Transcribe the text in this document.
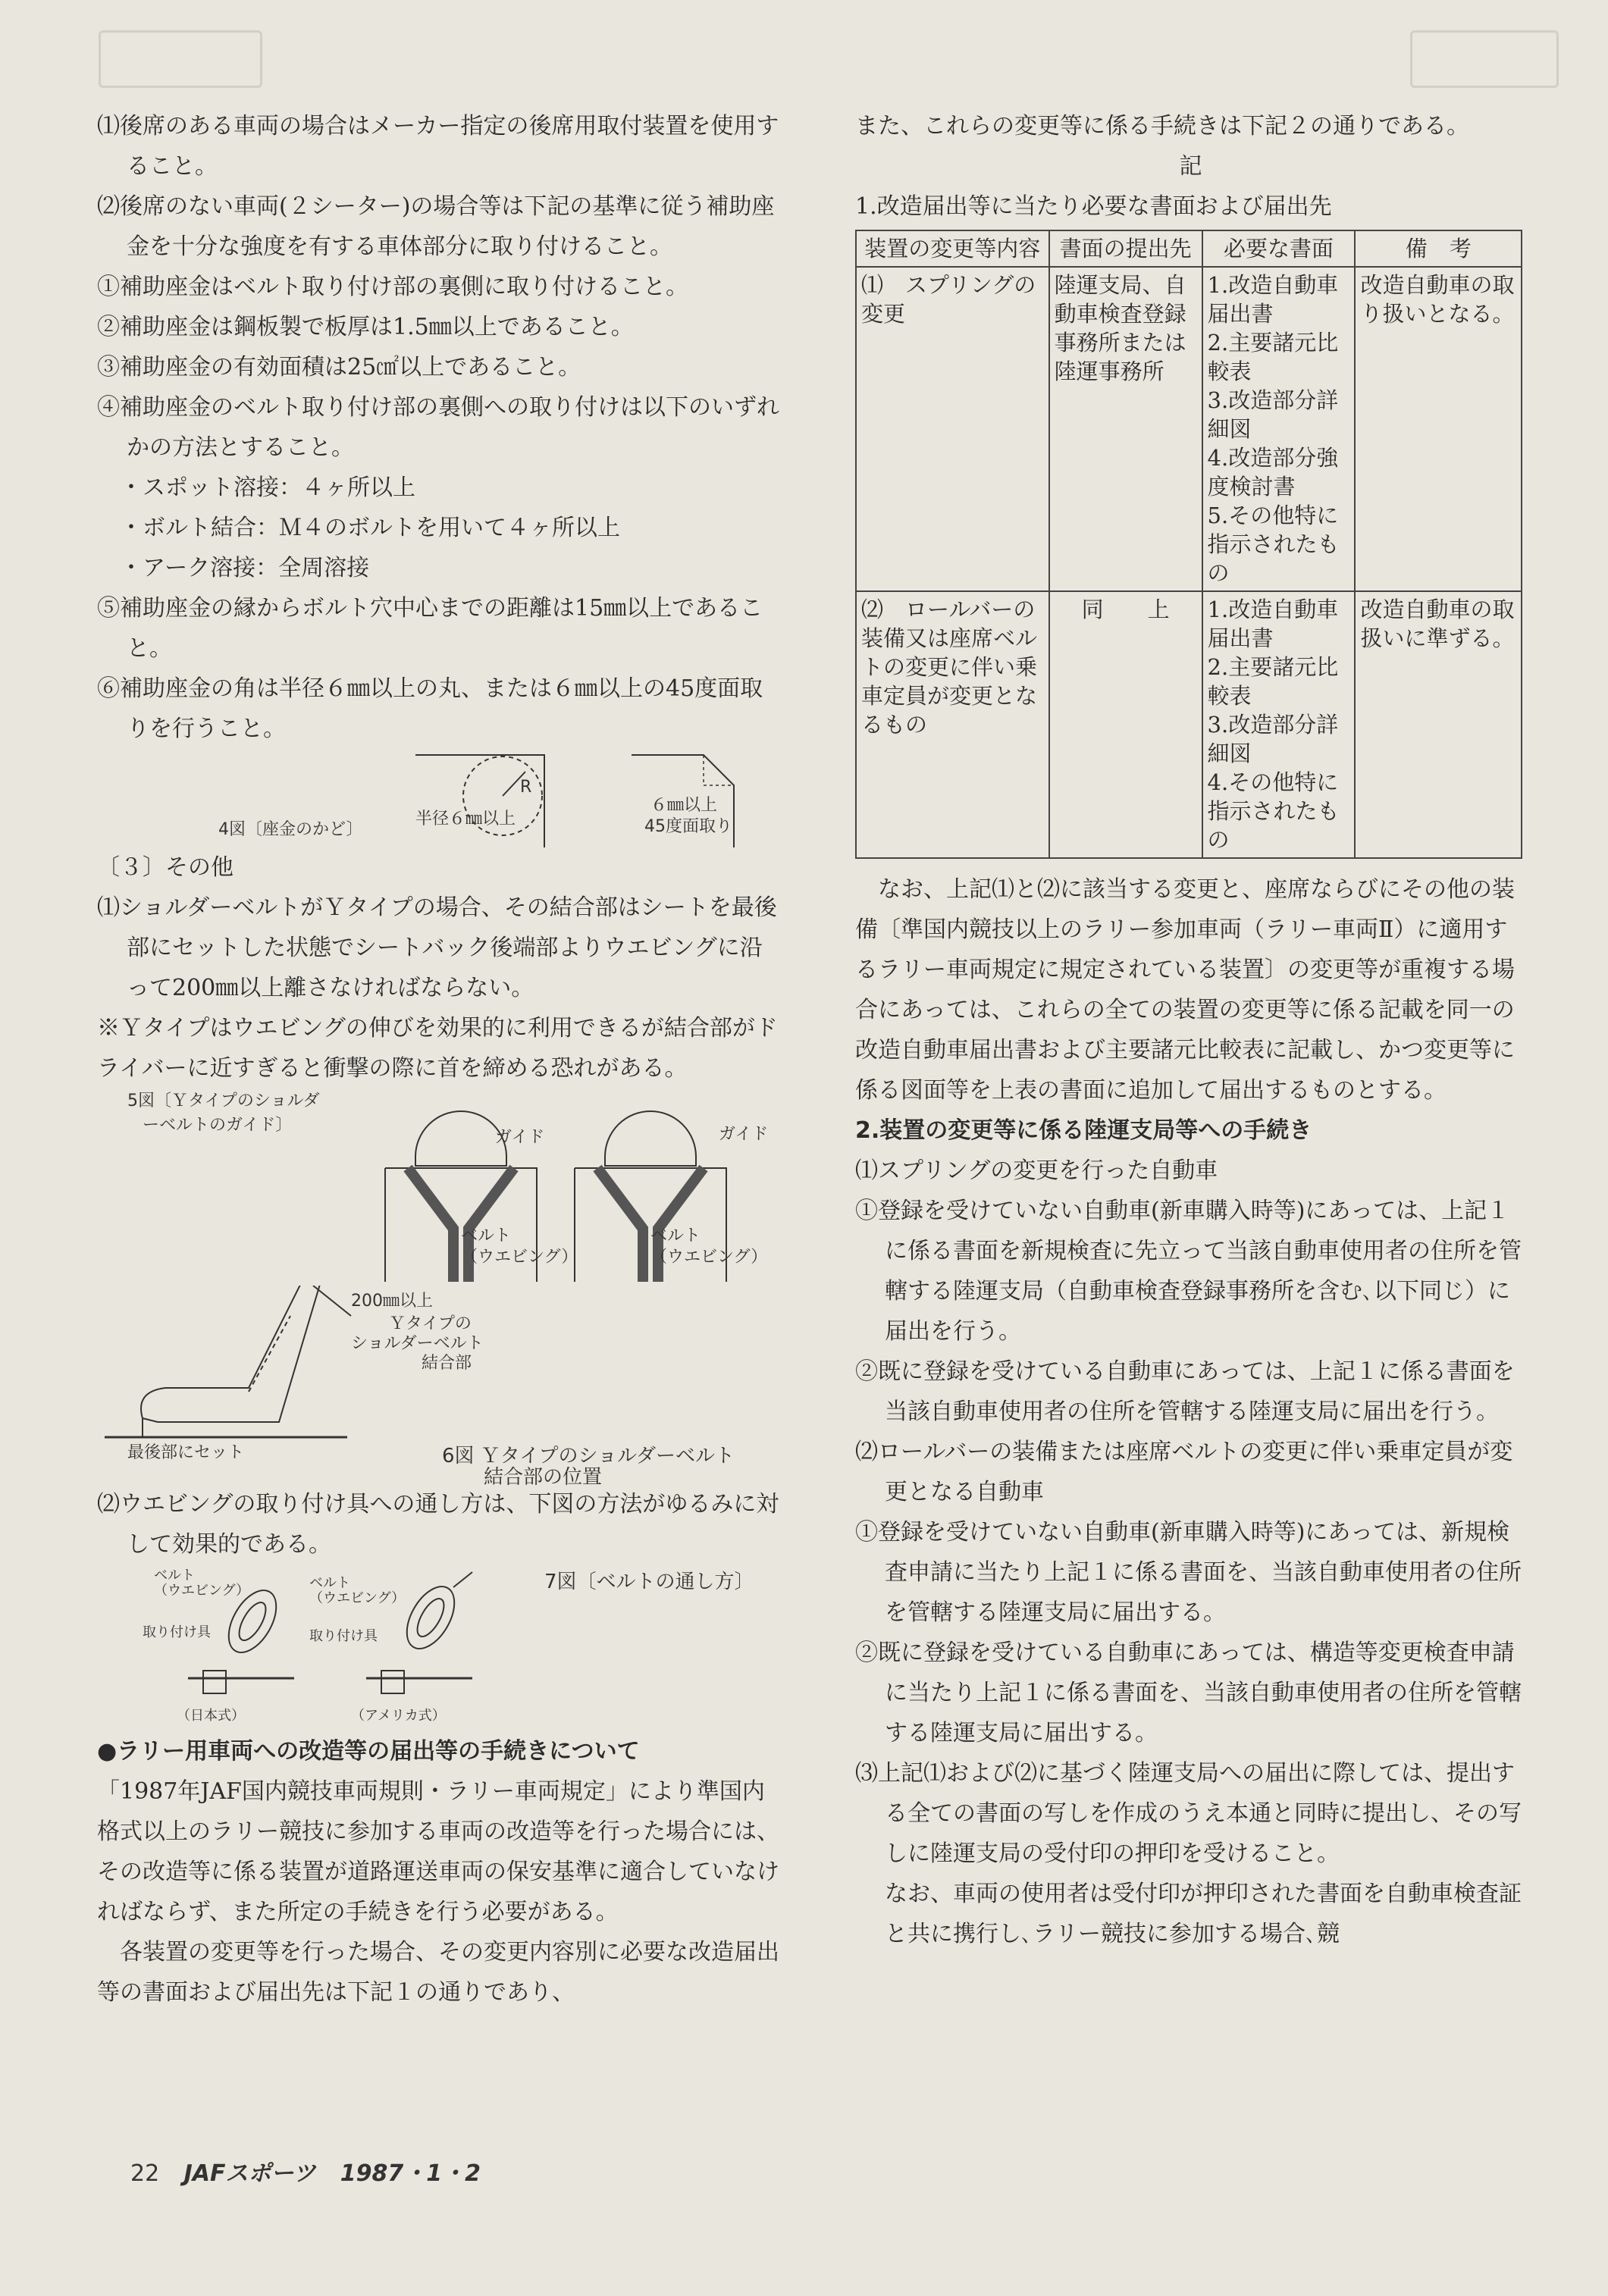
⑴後席のある車両の場合はメーカー指定の後席用取付装置を使用すること。

⑵後席のない車両(２シーター)の場合等は下記の基準に従う補助座金を十分な強度を有する車体部分に取り付けること。

①補助座金はベルト取り付け部の裏側に取り付けること。

②補助座金は鋼板製で板厚は1.5㎜以上であること。

③補助座金の有効面積は25㎠以上であること。

④補助座金のベルト取り付け部の裏側への取り付けは以下のいずれかの方法とすること。

・スポット溶接：４ヶ所以上

・ボルト結合：Ｍ４のボルトを用いて４ヶ所以上

・アーク溶接：全周溶接

⑤補助座金の縁からボルト穴中心までの距離は15㎜以上であること。

⑥補助座金の角は半径６㎜以上の丸、または６㎜以上の45度面取りを行うこと。

R
4図〔座金のかど〕
半径６㎜以上
６㎜以上
45度面取り

〔３〕その他

⑴ショルダーベルトがＹタイプの場合、その結合部はシートを最後部にセットした状態でシートバック後端部よりウエビングに沿って200㎜以上離さなければならない。

※Ｙタイプはウエビングの伸びを効果的に利用できるが結合部がドライバーに近すぎると衝撃の際に首を締める恐れがある。

5図〔Ｙタイプのショルダ
ーベルトのガイド〕
ガイド	ガイド
ベルト
（ウエビング）
ベルト
（ウエビング）
200㎜以上
Ｙタイプの
ショルダーベルト
結合部
最後部にセット	6図 Ｙタイプのショルダーベルト
結合部の位置

⑵ウエビングの取り付け具への通し方は、下図の方法がゆるみに対して効果的である。

ベルト
（ウエビング）	ベルト
（ウエビング）
取り付け具	取り付け具
（日本式）	（アメリカ式）
7図〔ベルトの通し方〕

●ラリー用車両への改造等の届出等の手続きについて

「1987年JAF国内競技車両規則・ラリー車両規定」により準国内格式以上のラリー競技に参加する車両の改造等を行った場合には、その改造等に係る装置が道路運送車両の保安基準に適合していなければならず、また所定の手続きを行う必要がある。

各装置の変更等を行った場合、その変更内容別に必要な改造届出等の書面および届出先は下記１の通りであり、

また、これらの変更等に係る手続きは下記２の通りである。

記

1.改造届出等に当たり必要な書面および届出先

装置の変更等内容	書面の提出先	必要な書面	備　考
⑴　スプリングの変更	陸運支局、自動車検査登録事務所または陸運事務所	1.改造自動車届出書
2.主要諸元比較表
3.改造部分詳細図
4.改造部分強度検討書
5.その他特に指示されたもの	改造自動車の取り扱いとなる。
⑵　ロールバーの装備又は座席ベルトの変更に伴い乗車定員が変更となるもの	同　　上	1.改造自動車届出書
2.主要諸元比較表
3.改造部分詳細図
4.その他特に指示されたもの	改造自動車の取扱いに準ずる。

なお、上記⑴と⑵に該当する変更と、座席ならびにその他の装備〔準国内競技以上のラリー参加車両（ラリー車両Ⅱ）に適用するラリー車両規定に規定されている装置〕の変更等が重複する場合にあっては、これらの全ての装置の変更等に係る記載を同一の改造自動車届出書および主要諸元比較表に記載し、かつ変更等に係る図面等を上表の書面に追加して届出するものとする。

2.装置の変更等に係る陸運支局等への手続き

⑴スプリングの変更を行った自動車

①登録を受けていない自動車(新車購入時等)にあっては、上記１に係る書面を新規検査に先立って当該自動車使用者の住所を管轄する陸運支局（自動車検査登録事務所を含む､以下同じ）に届出を行う。

②既に登録を受けている自動車にあっては、上記１に係る書面を当該自動車使用者の住所を管轄する陸運支局に届出を行う。

⑵ロールバーの装備または座席ベルトの変更に伴い乗車定員が変更となる自動車

①登録を受けていない自動車(新車購入時等)にあっては、新規検査申請に当たり上記１に係る書面を、当該自動車使用者の住所を管轄する陸運支局に届出する。

②既に登録を受けている自動車にあっては、構造等変更検査申請に当たり上記１に係る書面を、当該自動車使用者の住所を管轄する陸運支局に届出する。

⑶上記⑴および⑵に基づく陸運支局への届出に際しては、提出する全ての書面の写しを作成のうえ本通と同時に提出し、その写しに陸運支局の受付印の押印を受けること。

なお、車両の使用者は受付印が押印された書面を自動車検査証と共に携行し､ラリー競技に参加する場合､競

22 JAFスポーツ 1987・1・2
